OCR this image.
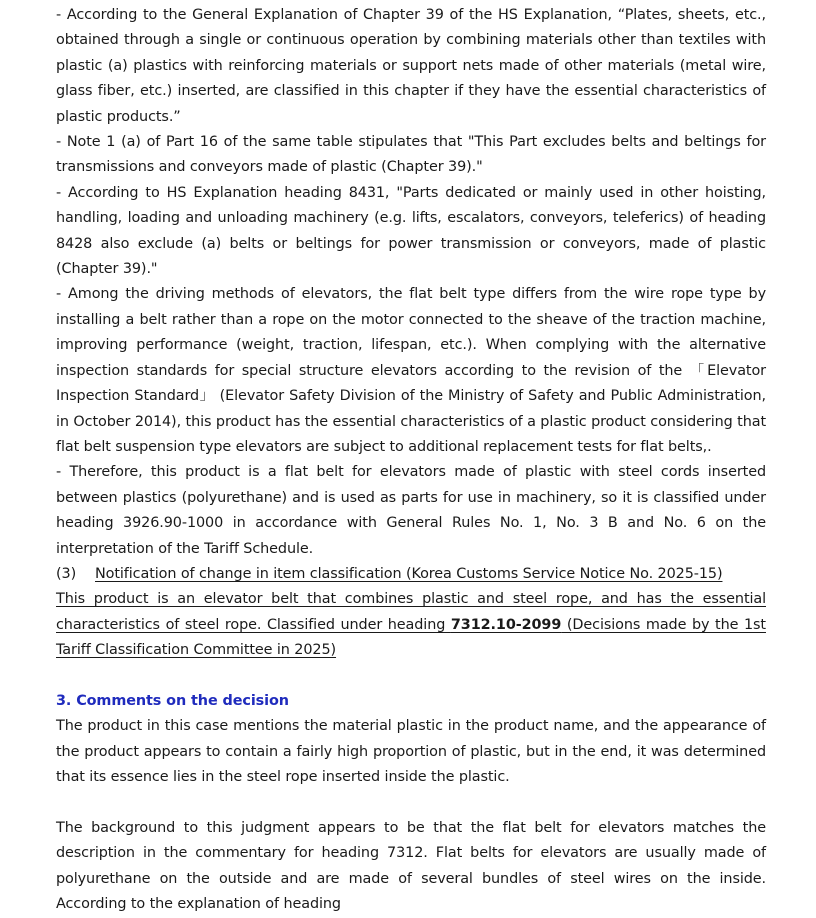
- According to the General Explanation of Chapter 39 of the HS Explanation, “Plates, sheets, etc., obtained through a single or continuous operation by combining materials other than textiles with plastic (a) plastics with reinforcing materials or support nets made of other materials (metal wire, glass fiber, etc.) inserted, are classified in this chapter if they have the essential characteristics of plastic products.”

- Note 1 (a) of Part 16 of the same table stipulates that "This Part excludes belts and beltings for transmissions and conveyors made of plastic (Chapter 39)."

- According to HS Explanation heading 8431, "Parts dedicated or mainly used in other hoisting, handling, loading and unloading machinery (e.g. lifts, escalators, conveyors, teleferics) of heading 8428 also exclude (a) belts or beltings for power transmission or conveyors, made of plastic (Chapter 39)."

- Among the driving methods of elevators, the flat belt type differs from the wire rope type by installing a belt rather than a rope on the motor connected to the sheave of the traction machine, improving performance (weight, traction, lifespan, etc.). When complying with the alternative inspection standards for special structure elevators according to the revision of the 「Elevator Inspection Standard」 (Elevator Safety Division of the Ministry of Safety and Public Administration, in October 2014), this product has the essential characteristics of a plastic product considering that flat belt suspension type elevators are subject to additional replacement tests for flat belts,.

- Therefore, this product is a flat belt for elevators made of plastic with steel cords inserted between plastics (polyurethane) and is used as parts for use in machinery, so it is classified under heading 3926.90-1000 in accordance with General Rules No. 1, No. 3 B and No. 6 on the interpretation of the Tariff Schedule.

(3) Notification of change in item classification (Korea Customs Service Notice No. 2025-15)

This product is an elevator belt that combines plastic and steel rope, and has the essential characteristics of steel rope. Classified under heading 7312.10-2099 (Decisions made by the 1st Tariff Classification Committee in 2025)

3. Comments on the decision

The product in this case mentions the material plastic in the product name, and the appearance of the product appears to contain a fairly high proportion of plastic, but in the end, it was determined that its essence lies in the steel rope inserted inside the plastic.

The background to this judgment appears to be that the flat belt for elevators matches the description in the commentary for heading 7312. Flat belts for elevators are usually made of polyurethane on the outside and are made of several bundles of steel wires on the inside. According to the explanation of heading
